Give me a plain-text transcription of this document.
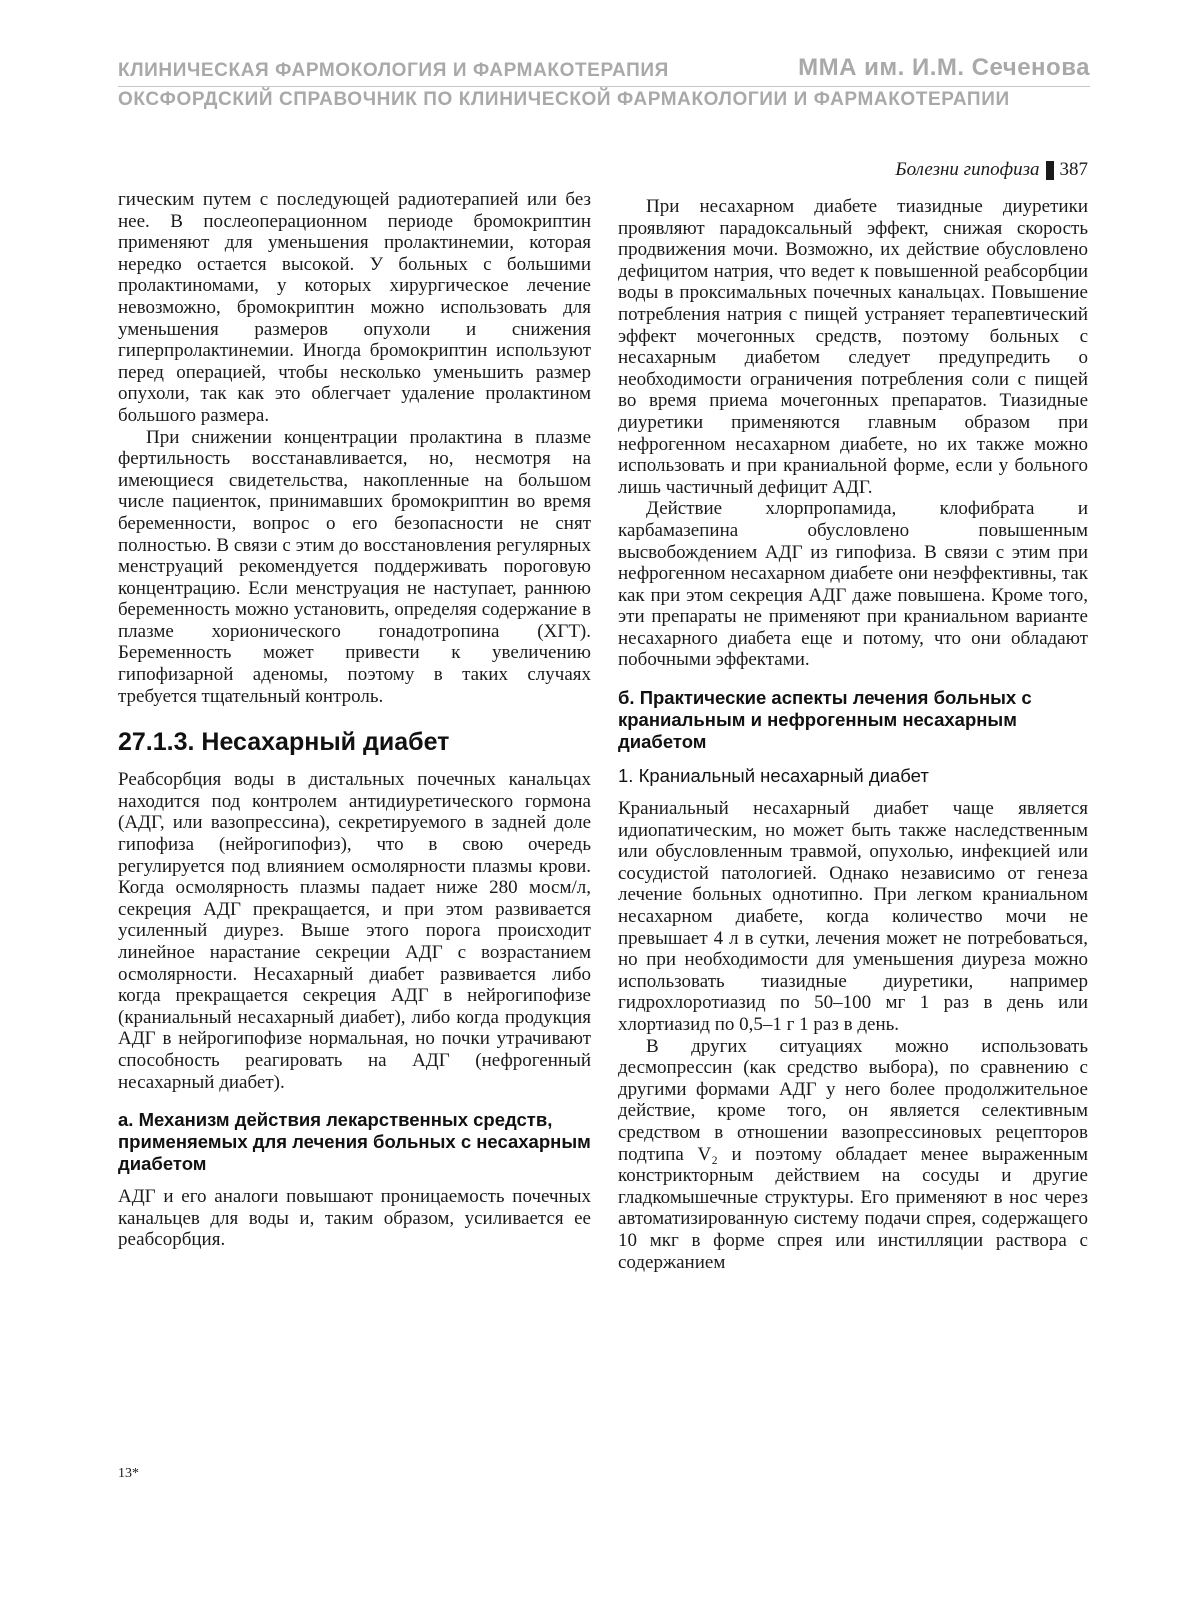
КЛИНИЧЕСКАЯ ФАРМОКОЛОГИЯ И ФАРМАКОТЕРАПИЯ	ММА им. И.М. Сеченова
ОКСФОРДСКИЙ СПРАВОЧНИК ПО КЛИНИЧЕСКОЙ ФАРМАКОЛОГИИ И ФАРМАКОТЕРАПИИ
Болезни гипофиза 387

гическим путем с последующей радиотерапией или без нее. В послеоперационном периоде бромокриптин применяют для уменьшения пролактинемии, которая нередко остается высокой. У больных с большими пролактиномами, у которых хирургическое лечение невозможно, бромокриптин можно использовать для уменьшения размеров опухоли и снижения гиперпролактинемии. Иногда бромокриптин используют перед операцией, чтобы несколько уменьшить размер опухоли, так как это облегчает удаление пролактином большого размера.

При снижении концентрации пролактина в плазме фертильность восстанавливается, но, несмотря на имеющиеся свидетельства, накопленные на большом числе пациенток, принимавших бромокриптин во время беременности, вопрос о его безопасности не снят полностью. В связи с этим до восстановления регулярных менструаций рекомендуется поддерживать пороговую концентрацию. Если менструация не наступает, раннюю беременность можно установить, определяя содержание в плазме хорионического гонадотропина (ХГТ). Беременность может привести к увеличению гипофизарной аденомы, поэтому в таких случаях требуется тщательный контроль.

27.1.3. Несахарный диабет

Реабсорбция воды в дистальных почечных канальцах находится под контролем антидиуретического гормона (АДГ, или вазопрессина), секретируемого в задней доле гипофиза (нейрогипофиз), что в свою очередь регулируется под влиянием осмолярности плазмы крови. Когда осмолярность плазмы падает ниже 280 мосм/л, секреция АДГ прекращается, и при этом развивается усиленный диурез. Выше этого порога происходит линейное нарастание секреции АДГ с возрастанием осмолярности. Несахарный диабет развивается либо когда прекращается секреция АДГ в нейрогипофизе (краниальный несахарный диабет), либо когда продукция АДГ в нейрогипофизе нормальная, но почки утрачивают способность реагировать на АДГ (нефрогенный несахарный диабет).

а. Механизм действия лекарственных средств, применяемых для лечения больных с несахарным диабетом

АДГ и его аналоги повышают проницаемость почечных канальцев для воды и, таким образом, усиливается ее реабсорбция.

При несахарном диабете тиазидные диуретики проявляют парадоксальный эффект, снижая скорость продвижения мочи. Возможно, их действие обусловлено дефицитом натрия, что ведет к повышенной реабсорбции воды в проксимальных почечных канальцах. Повышение потребления натрия с пищей устраняет терапевтический эффект мочегонных средств, поэтому больных с несахарным диабетом следует предупредить о необходимости ограничения потребления соли с пищей во время приема мочегонных препаратов. Тиазидные диуретики применяются главным образом при нефрогенном несахарном диабете, но их также можно использовать и при краниальной форме, если у больного лишь частичный дефицит АДГ.

Действие хлорпропамида, клофибрата и карбамазепина обусловлено повышенным высвобождением АДГ из гипофиза. В связи с этим при нефрогенном несахарном диабете они неэффективны, так как при этом секреция АДГ даже повышена. Кроме того, эти препараты не применяют при краниальном варианте несахарного диабета еще и потому, что они обладают побочными эффектами.

б. Практические аспекты лечения больных с краниальным и нефрогенным несахарным диабетом
1. Краниальный несахарный диабет

Краниальный несахарный диабет чаще является идиопатическим, но может быть также наследственным или обусловленным травмой, опухолью, инфекцией или сосудистой патологией. Однако независимо от генеза лечение больных однотипно. При легком краниальном несахарном диабете, когда количество мочи не превышает 4 л в сутки, лечения может не потребоваться, но при необходимости для уменьшения диуреза можно использовать тиазидные диуретики, например гидрохлоротиазид по 50–100 мг 1 раз в день или хлортиазид по 0,5–1 г 1 раз в день.

В других ситуациях можно использовать десмопрессин (как средство выбора), по сравнению с другими формами АДГ у него более продолжительное действие, кроме того, он является селективным средством в отношении вазопрессиновых рецепторов подтипа V₂ и поэтому обладает менее выраженным констрикторным действием на сосуды и другие гладкомышечные структуры. Его применяют в нос через автоматизированную систему подачи спрея, содержащего 10 мкг в форме спрея или инстилляции раствора с содержанием

13*
